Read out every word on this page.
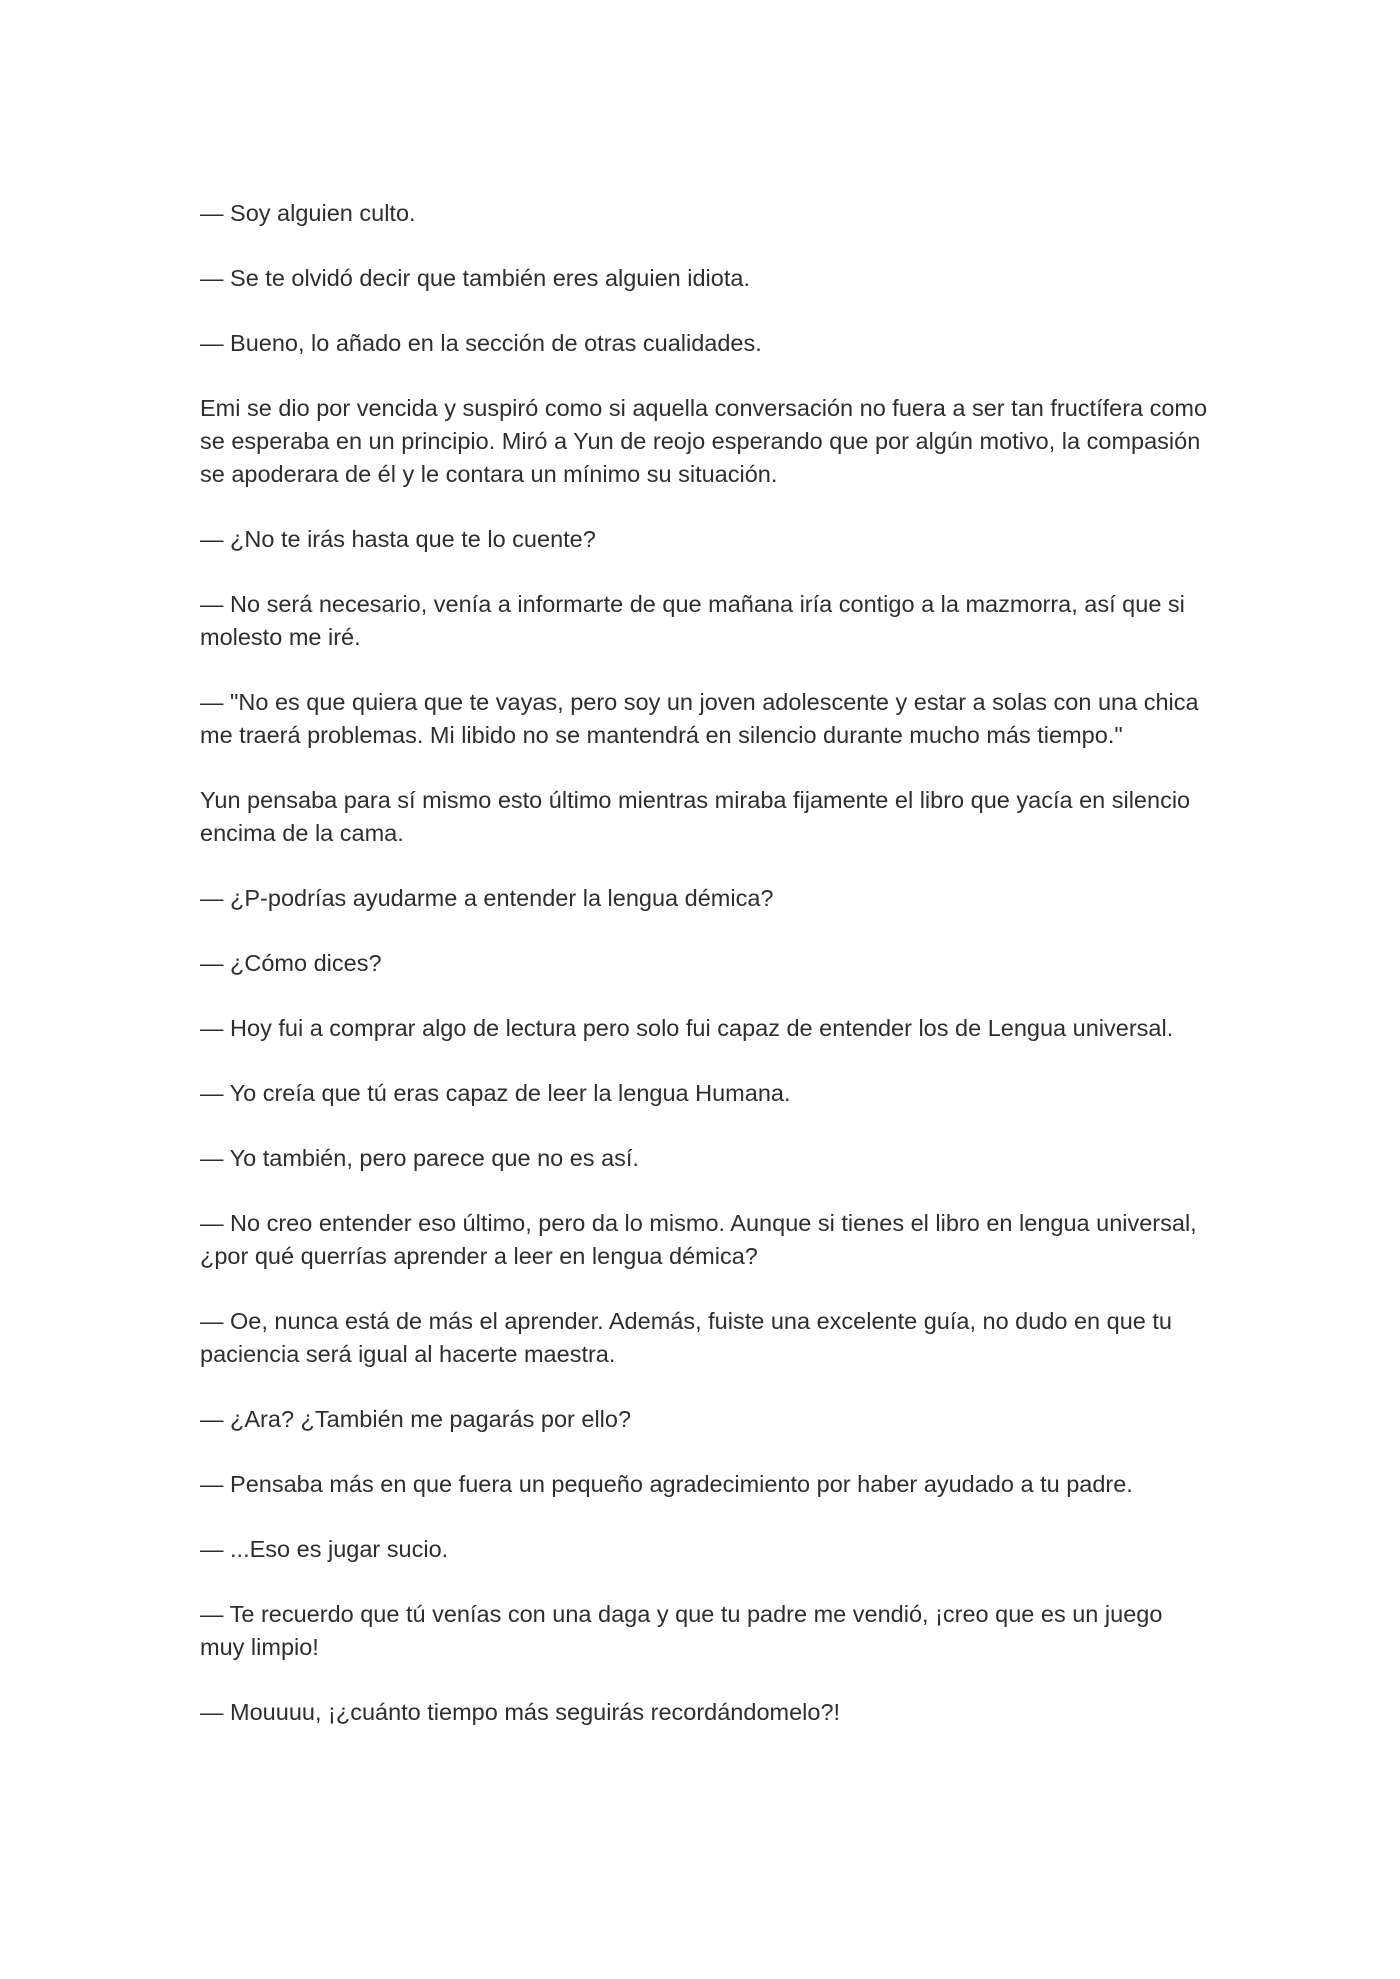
— Soy alguien culto.

— Se te olvidó decir que también eres alguien idiota.

— Bueno, lo añado en la sección de otras cualidades.

Emi se dio por vencida y suspiró como si aquella conversación no fuera a ser tan fructífera como se esperaba en un principio. Miró a Yun de reojo esperando que por algún motivo, la compasión se apoderara de él y le contara un mínimo su situación.

— ¿No te irás hasta que te lo cuente?

— No será necesario, venía a informarte de que mañana iría contigo a la mazmorra, así que si molesto me iré.

— "No es que quiera que te vayas, pero soy un joven adolescente y estar a solas con una chica me traerá problemas. Mi libido no se mantendrá en silencio durante mucho más tiempo."

Yun pensaba para sí mismo esto último mientras miraba fijamente el libro que yacía en silencio encima de la cama.

— ¿P-podrías ayudarme a entender la lengua démica?

— ¿Cómo dices?

— Hoy fui a comprar algo de lectura pero solo fui capaz de entender los de Lengua universal.

— Yo creía que tú eras capaz de leer la lengua Humana.

— Yo también, pero parece que no es así.

— No creo entender eso último, pero da lo mismo. Aunque si tienes el libro en lengua universal, ¿por qué querrías aprender a leer en lengua démica?

— Oe, nunca está de más el aprender. Además, fuiste una excelente guía, no dudo en que tu paciencia será igual al hacerte maestra.

— ¿Ara? ¿También me pagarás por ello?

— Pensaba más en que fuera un pequeño agradecimiento por haber ayudado a tu padre.

— ...Eso es jugar sucio.

— Te recuerdo que tú venías con una daga y que tu padre me vendió, ¡creo que es un juego muy limpio!

— Mouuuu, ¡¿cuánto tiempo más seguirás recordándomelo?!
